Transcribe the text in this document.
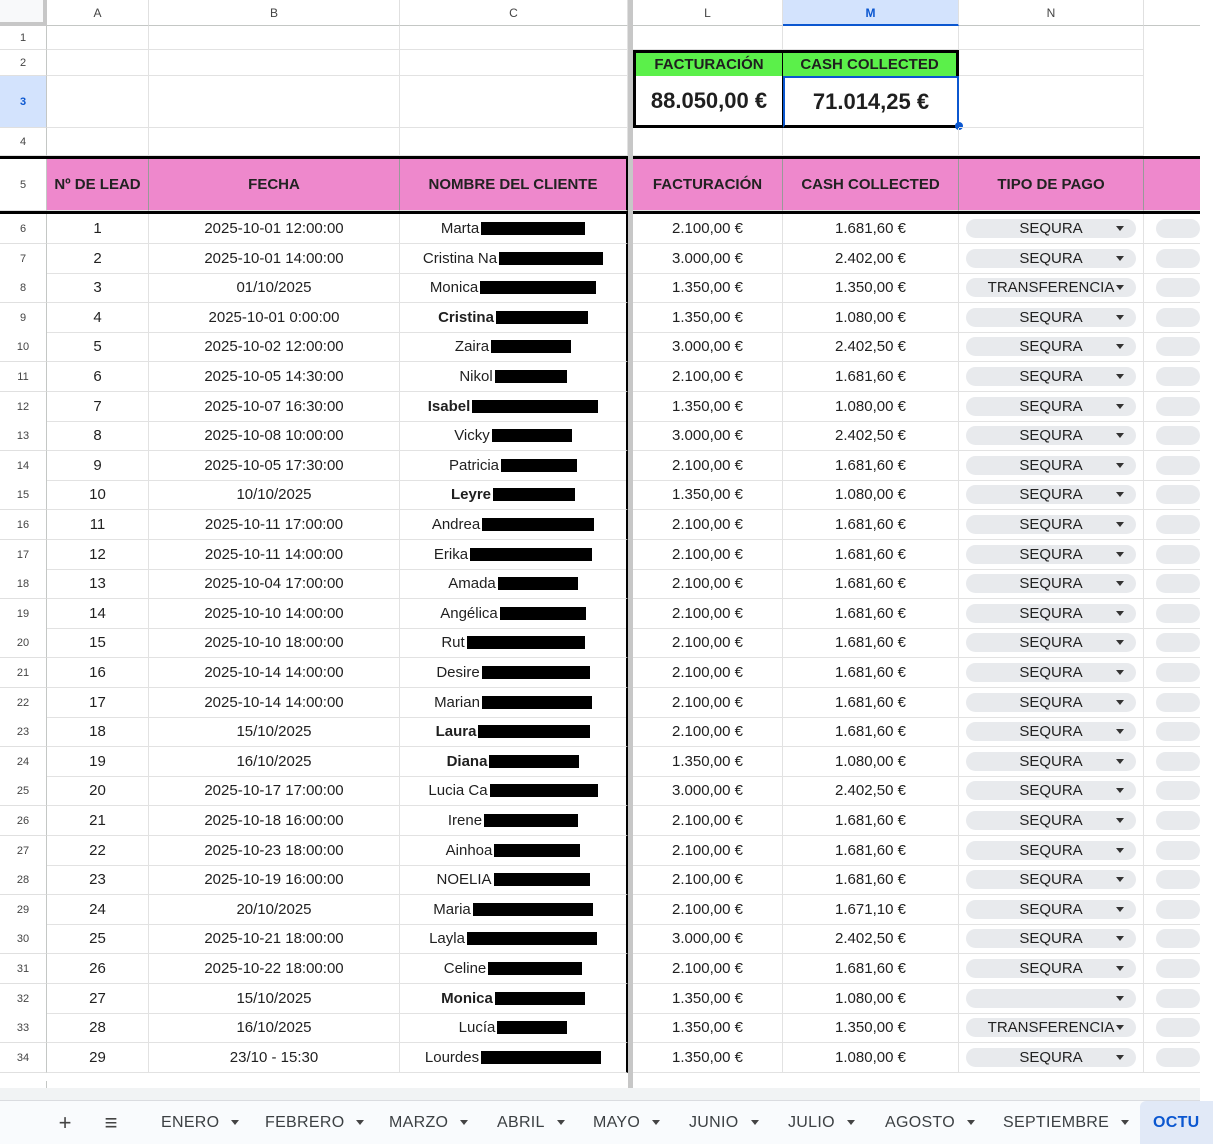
A	B	C	L	M	N
1
2	FACTURACIÓN	CASH COLLECTED
3	88.050,00 €	71.014,25 €
4
5	Nº DE LEAD	FECHA	NOMBRE DEL CLIENTE	FACTURACIÓN	CASH COLLECTED	TIPO DE PAGO
6	1	2025-10-01 12:00:00	Marta	2.100,00 €	1.681,60 €	SEQURA
7	2	2025-10-01 14:00:00	Cristina Na	3.000,00 €	2.402,00 €	SEQURA
8	3	01/10/2025	Monica	1.350,00 €	1.350,00 €	TRANSFERENCIA
9	4	2025-10-01 0:00:00	Cristina	1.350,00 €	1.080,00 €	SEQURA
10	5	2025-10-02 12:00:00	Zaira	3.000,00 €	2.402,50 €	SEQURA
11	6	2025-10-05 14:30:00	Nikol	2.100,00 €	1.681,60 €	SEQURA
12	7	2025-10-07 16:30:00	Isabel	1.350,00 €	1.080,00 €	SEQURA
13	8	2025-10-08 10:00:00	Vicky	3.000,00 €	2.402,50 €	SEQURA
14	9	2025-10-05 17:30:00	Patricia	2.100,00 €	1.681,60 €	SEQURA
15	10	10/10/2025	Leyre	1.350,00 €	1.080,00 €	SEQURA
16	11	2025-10-11 17:00:00	Andrea	2.100,00 €	1.681,60 €	SEQURA
17	12	2025-10-11 14:00:00	Erika	2.100,00 €	1.681,60 €	SEQURA
18	13	2025-10-04 17:00:00	Amada	2.100,00 €	1.681,60 €	SEQURA
19	14	2025-10-10 14:00:00	Angélica	2.100,00 €	1.681,60 €	SEQURA
20	15	2025-10-10 18:00:00	Rut	2.100,00 €	1.681,60 €	SEQURA
21	16	2025-10-14 14:00:00	Desire	2.100,00 €	1.681,60 €	SEQURA
22	17	2025-10-14 14:00:00	Marian	2.100,00 €	1.681,60 €	SEQURA
23	18	15/10/2025	Laura	2.100,00 €	1.681,60 €	SEQURA
24	19	16/10/2025	Diana	1.350,00 €	1.080,00 €	SEQURA
25	20	2025-10-17 17:00:00	Lucia Ca	3.000,00 €	2.402,50 €	SEQURA
26	21	2025-10-18 16:00:00	Irene	2.100,00 €	1.681,60 €	SEQURA
27	22	2025-10-23 18:00:00	Ainhoa	2.100,00 €	1.681,60 €	SEQURA
28	23	2025-10-19 16:00:00	NOELIA	2.100,00 €	1.681,60 €	SEQURA
29	24	20/10/2025	Maria	2.100,00 €	1.671,10 €	SEQURA
30	25	2025-10-21 18:00:00	Layla	3.000,00 €	2.402,50 €	SEQURA
31	26	2025-10-22 18:00:00	Celine	2.100,00 €	1.681,60 €	SEQURA
32	27	15/10/2025	Monica	1.350,00 €	1.080,00 €
33	28	16/10/2025	Lucía	1.350,00 €	1.350,00 €	TRANSFERENCIA
34	29	23/10 - 15:30	Lourdes	1.350,00 €	1.080,00 €	SEQURA
+	≡	ENERO	FEBRERO	MARZO	ABRIL	MAYO	JUNIO	JULIO	AGOSTO	SEPTIEMBRE	OCTU
